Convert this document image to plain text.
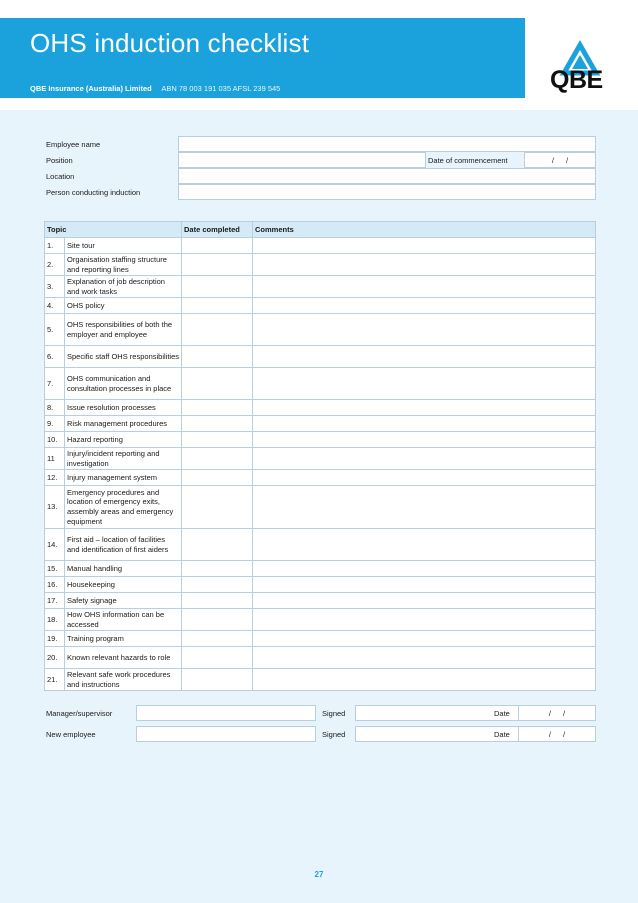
OHS induction checklist
QBE Insurance (Australia) Limited ABN 78 003 191 035 AFSL 239 545	QBE
Employee name
Position	Date of commencement	/ /
Location
Person conducting induction
Topic		Date completed	Comments
1.	Site tour		
2.	Organisation staffing structure and reporting lines		
3.	Explanation of job description and work tasks		
4.	OHS policy		
5.	OHS responsibilities of both the employer and employee		
6.	Specific staff OHS responsibilities		
7.	OHS communication and consultation processes in place		
8.	Issue resolution processes		
9.	Risk management procedures		
10.	Hazard reporting		
11	Injury/incident reporting and investigation		
12.	Injury management system		
13.	Emergency procedures and location of emergency exits, assembly areas and emergency equipment		
14.	First aid – location of facilities and identification of first aiders		
15.	Manual handling		
16.	Housekeeping		
17.	Safety signage		
18.	How OHS information can be accessed		
19.	Training program		
20.	Known relevant hazards to role		
21.	Relevant safe work procedures and instructions		
Manager/supervisor	Signed	Date	/ /
New employee	Signed	Date	/ /
27
